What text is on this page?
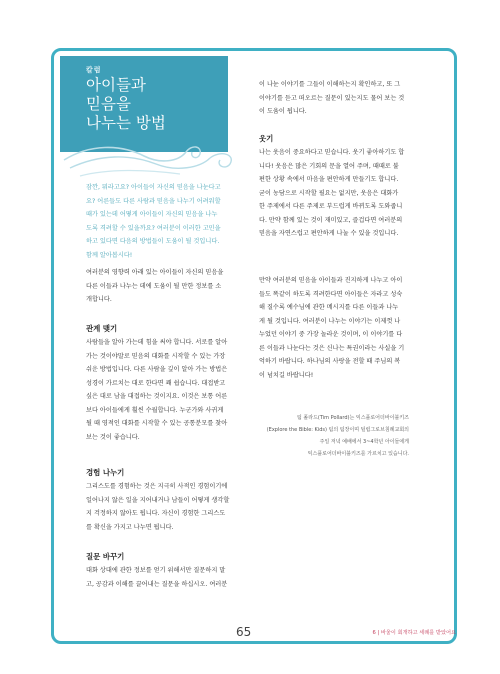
칼럼
아이들과
믿음을
나누는 방법

잠깐, 뭐라고요? 아이들이 자신의 믿음을 나눈다고

요? 어른들도 다른 사람과 믿음을 나누기 어려워할

때가 있는데 어떻게 아이들이 자신의 믿음을 나누

도록 격려할 수 있을까요? 여러분이 이러한 고민을

하고 있다면 다음의 방법들이 도움이 될 것입니다.

함께 알아봅시다!

여러분의 영향력 아래 있는 아이들이 자신의 믿음을

다른 이들과 나누는 데에 도움이 될 만한 정보를 소

개합니다.

관계 맺기

사람들을 알아 가는데 힘을 써야 합니다. 서로를 알아

가는 것이야말로 믿음의 대화를 시작할 수 있는 가장

쉬운 방법입니다. 다른 사람을 깊이 알아 가는 방법은

성경이 가르치는 대로 한다면 꽤 쉽습니다. 대접받고

싶은 대로 남을 대접하는 것이지요. 이것은 보통 어른

보다 아이들에게 훨씬 수월합니다. 누군가와 사귀게

될 때 영적인 대화를 시작할 수 있는 공통분모를 찾아

보는 것이 좋습니다.

경험 나누기

그리스도를 경험하는 것은 지극히 사적인 경험이기에

일어나지 않은 일을 지어내거나 남들이 어떻게 생각할

지 걱정하지 않아도 됩니다. 자신이 경험한 그리스도

를 확신을 가지고 나누면 됩니다.

질문 바꾸기

대화 상대에 관한 정보를 얻기 위해서만 질문하지 말

고, 공감과 이해를 끌어내는 질문을 하십시오. 여러분

이 나눈 이야기를 그들이 이해하는지 확인하고, 또 그

이야기를 듣고 떠오르는 질문이 있는지도 물어 보는 것

이 도움이 됩니다.

웃기

나는 웃음이 중요하다고 믿습니다. 웃기 좋아하기도 합

니다! 웃음은 많은 기회의 문을 열어 주며, 때때로 불

편한 상황 속에서 마음을 편안하게 만들기도 합니다.

굳이 농담으로 시작할 필요는 없지만, 웃음은 대화가

한 주제에서 다른 주제로 부드럽게 바뀌도록 도와줍니

다. 만약 함께 있는 것이 재미있고, 즐겁다면 여러분의

믿음을 자연스럽고 편안하게 나눌 수 있을 것입니다.

만약 여러분의 믿음을 아이들과 진지하게 나누고 아이

들도 똑같이 하도록 격려한다면 아이들은 자라고 성숙

해 질수록 예수님에 관한 메시지를 다른 이들과 나누

게 될 것입니다. 여러분이 나누는 이야기는 이제껏 나

누었던 이야기 중 가장 놀라운 것이며, 이 이야기를 다

른 이들과 나눈다는 것은 신나는 특권이라는 사실을 기

억하기 바랍니다. 하나님의 사랑을 전할 때 주님의 복

이 넘치길 바랍니다!

팀 폴라드(Tim Pollard)는 익스플로어더바이블키즈

(Explore the Bible: Kids) 팀의 팀장이며 틸립그로브침례교회의

주일 저녁 예배에서 3~4학년 아이들에게

익스플로어더바이블키즈를 가르치고 있습니다.

65	6 | 바울이 회개하고 세례를 받았어요
